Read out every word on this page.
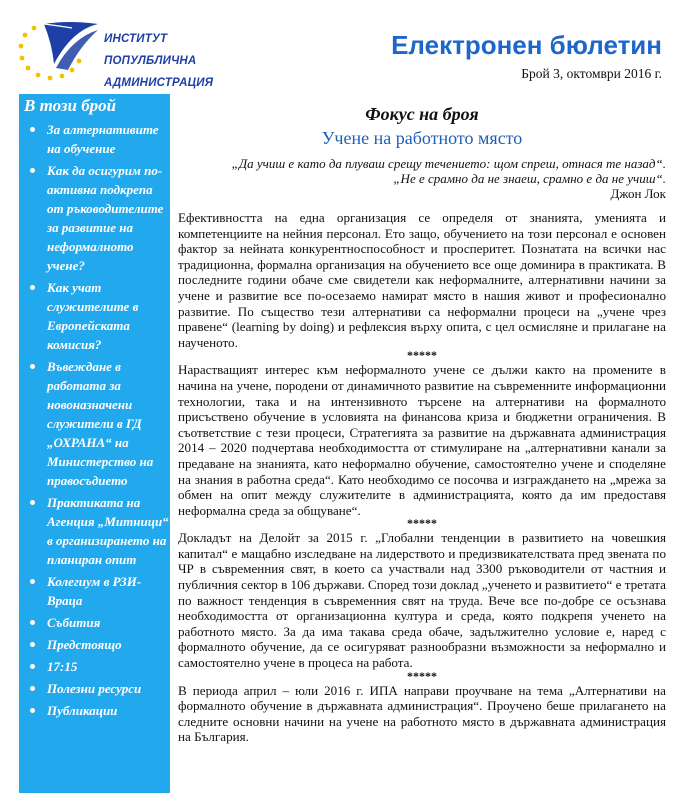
ИНСТИТУТ
ПОПУЛБЛИЧНА
АДМИНИСТРАЦИЯ
Електронен бюлетин
Брой 3, октомври 2016 г.
В този брой
За алтернативите на обучение
Как да осигурим по-активна подкрепа от ръководителите за развитие на неформалното учене?
Как учат служителите в Европейската комисия?
Въвеждане в работата за новоназначени служители в ГД „ОХРАНА“ на Министерство на правосъдието
Практиката на Агенция „Митници“ в организирането на планиран опит
Колегиум в РЗИ-Враца
Събития
Предстоящо
17:15
Полезни ресурси
Публикации
Фокус на броя
Учене на работното място
„Да учиш е като да плуваш срещу течението: щом спреш, отнася те назад“.
„Не е срамно да не знаеш, срамно е да не учиш“.
Джон Лок

Ефективността на една организация се определя от знанията, уменията и компетенциите на нейния персонал. Ето защо, обучението на този персонал е основен фактор за нейната конкурентноспособност и просперитет. Познатата на всички нас традиционна, формална организация на обучението все още доминира в практиката. В последните години обаче сме свидетели как неформалните, алтернативни начини за учене и развитие все по-осезаемо намират място в нашия живот и професионално развитие. По същество тези алтернативи са неформални процеси на „учене чрез правене“ (learning by doing) и рефлексия върху опита, с цел осмисляне и прилагане на наученото.

*****

Нарастващият интерес към неформалното учене се дължи както на промените в начина на учене, породени от динамичното развитие на съвременните информационни технологии, така и на интензивното търсене на алтернативи на формалното присъствено обучение в условията на финансова криза и бюджетни ограничения. В съответствие с тези процеси, Стратегията за развитие на държавната администрация 2014 – 2020 подчертава необходимостта от стимулиране на „алтернативни канали за предаване на знанията, като неформално обучение, самостоятелно учене и споделяне на знания в работна среда“. Като необходимо се посочва и изграждането на „мрежа за обмен на опит между служителите в администрацията, която да им предоставя неформална среда за общуване“.

*****

Докладът на Делойт за 2015 г. „Глобални тенденции в развитието на човешкия капитал“ е мащабно изследване на лидерството и предизвикателствата пред звената по ЧР в съвременния свят, в което са участвали над 3300 ръководители от частния и публичния сектор в 106 държави. Според този доклад „ученето и развитието“ е третата по важност тенденция в съвременния свят на труда. Вече все по-добре се осъзнава необходимостта от организационна култура и среда, която подкрепя ученето на работното място. За да има такава среда обаче, задължително условие е, наред с формалното обучение, да се осигуряват разнообразни възможности за неформално и самостоятелно учене в процеса на работа.

*****

В периода април – юли 2016 г. ИПА направи проучване на тема „Алтернативи на формалното обучение в държавната администрация“. Проучено беше прилагането на следните основни начини на учене на работното място в държавната администрация на България.
